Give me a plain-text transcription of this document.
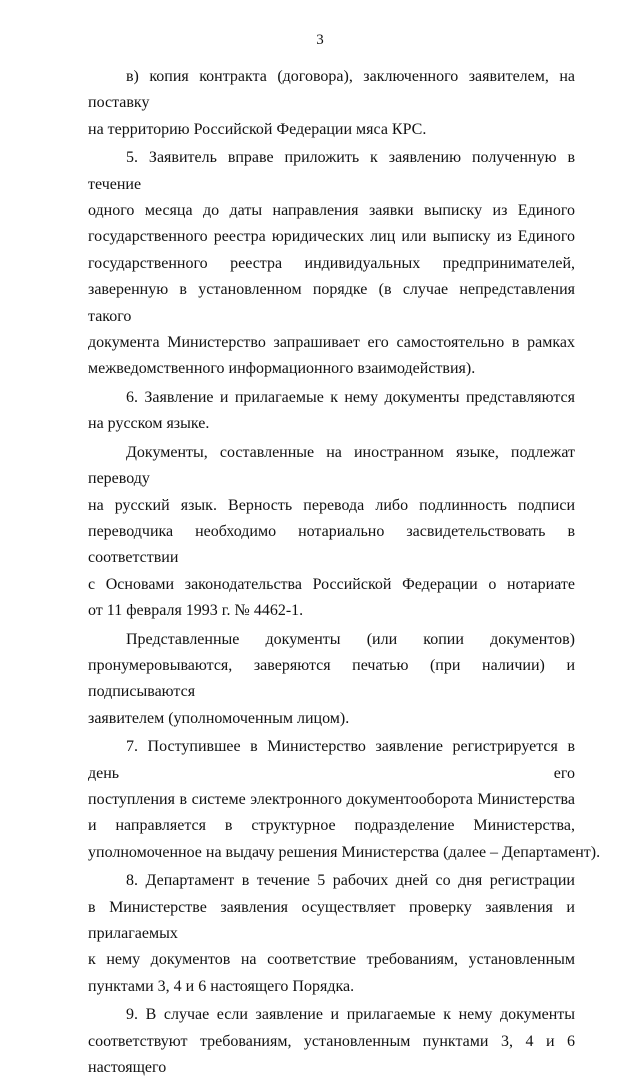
3
в) копия контракта (договора), заключенного заявителем, на поставку
на территорию Российской Федерации мяса КРС.
5. Заявитель вправе приложить к заявлению полученную в течение
одного месяца до даты направления заявки выписку из Единого
государственного реестра юридических лиц или выписку из Единого
государственного реестра индивидуальных предпринимателей,
заверенную в установленном порядке (в случае непредставления такого
документа Министерство запрашивает его самостоятельно в рамках
межведомственного информационного взаимодействия).
6. Заявление и прилагаемые к нему документы представляются
на русском языке.
Документы, составленные на иностранном языке, подлежат переводу
на русский язык. Верность перевода либо подлинность подписи
переводчика необходимо нотариально засвидетельствовать в соответствии
с Основами законодательства Российской Федерации о нотариате
от 11 февраля 1993 г. № 4462-1.
Представленные документы (или копии документов)
пронумеровываются, заверяются печатью (при наличии) и подписываются
заявителем (уполномоченным лицом).
7. Поступившее в Министерство заявление регистрируется в день его
поступления в системе электронного документооборота Министерства
и направляется в структурное подразделение Министерства,
уполномоченное на выдачу решения Министерства (далее – Департамент).
8. Департамент в течение 5 рабочих дней со дня регистрации
в Министерстве заявления осуществляет проверку заявления и прилагаемых
к нему документов на соответствие требованиям, установленным
пунктами 3, 4 и 6 настоящего Порядка.
9. В случае если заявление и прилагаемые к нему документы
соответствуют требованиям, установленным пунктами 3, 4 и 6 настоящего
